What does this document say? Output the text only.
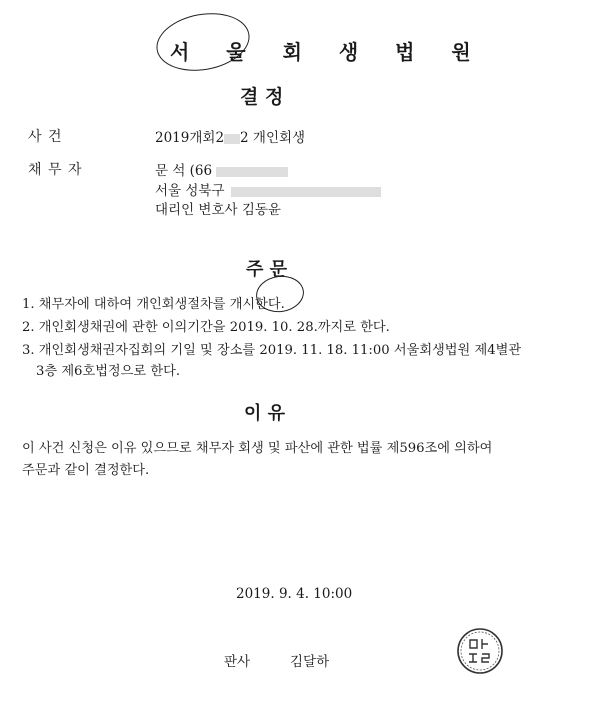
서 울 회 생 법 원
결 정
사 건	2019개회2 2 개인회생
채 무 자	문 석 (66
서울 성북구
대리인 변호사 김동윤
주 문
1. 채무자에 대하여 개인회생절차를 개시한다.
2. 개인회생채권에 관한 이의기간을 2019. 10. 28.까지로 한다.
3. 개인회생채권자집회의 기일 및 장소를 2019. 11. 18. 11:00 서울회생법원 제4별관
3층 제6호법정으로 한다.
이 유
이 사건 신청은 이유 있으므로 채무자 회생 및 파산에 관한 법률 제596조에 의하여
주문과 같이 결정한다.
2019. 9. 4. 10:00
판사	김달하
